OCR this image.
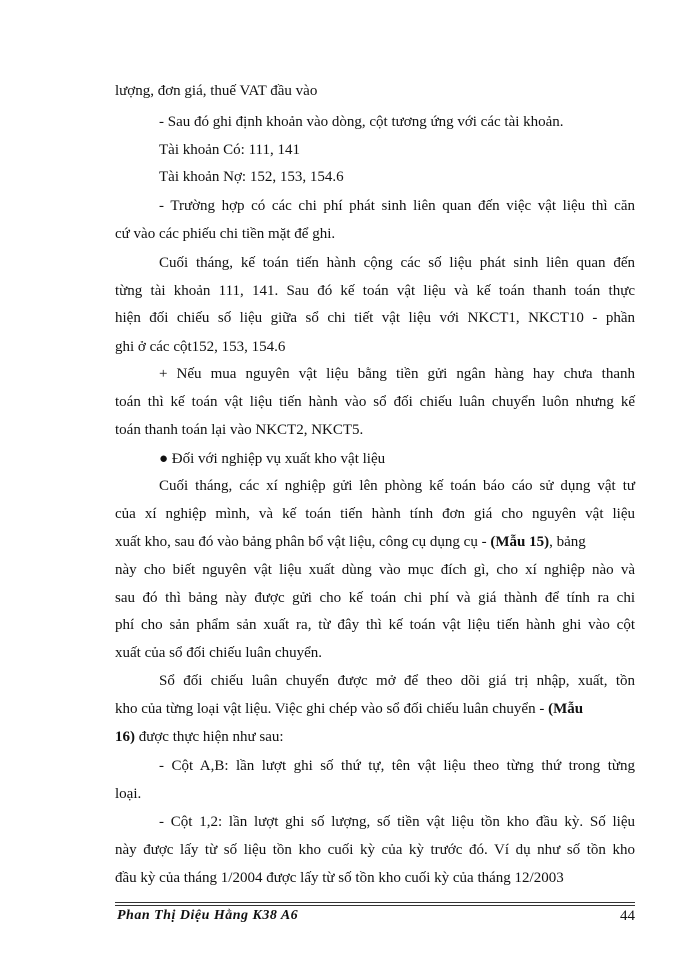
lượng, đơn giá, thuế VAT đầu vào
- Sau đó ghi định khoản vào dòng, cột tương ứng với các tài khoản.
Tài khoản Có: 111, 141
Tài khoản Nợ: 152, 153, 154.6
- Trường hợp có các chi phí phát sinh liên quan đến việc vật liệu thì căn
cứ vào các phiếu chi tiền mặt để ghi.
Cuối tháng, kế toán tiến hành cộng các số liệu phát sinh liên quan đến
từng tài khoản 111, 141. Sau đó kế toán vật liệu và kế toán thanh toán thực
hiện đối chiếu số liệu giữa sổ chi tiết vật liệu với NKCT1, NKCT10 - phần
ghi ở các cột152, 153, 154.6
+ Nếu mua nguyên vật liệu bằng tiền gửi ngân hàng hay chưa thanh
toán thì kế toán vật liệu tiến hành vào sổ đối chiếu luân chuyển luôn nhưng kế
toán thanh toán lại vào NKCT2, NKCT5.
● Đối với nghiệp vụ xuất kho vật liệu
Cuối tháng, các xí nghiệp gửi lên phòng kế toán báo cáo sử dụng vật tư
của xí nghiệp mình, và kế toán tiến hành tính đơn giá cho nguyên vật liệu
xuất kho, sau đó vào bảng phân bổ vật liệu, công cụ dụng cụ - (Mẫu 15), bảng
này cho biết nguyên vật liệu xuất dùng vào mục đích gì, cho xí nghiệp nào và
sau đó thì bảng này được gửi cho kế toán chi phí và giá thành để tính ra chi
phí cho sản phẩm sản xuất ra, từ đây thì kế toán vật liệu tiến hành ghi vào cột
xuất của sổ đối chiếu luân chuyển.
Sổ đối chiếu luân chuyển được mở để theo dõi giá trị nhập, xuất, tồn
kho của từng loại vật liệu. Việc ghi chép vào sổ đối chiếu luân chuyển - (Mẫu
16) được thực hiện như sau:
- Cột A,B: lần lượt ghi số thứ tự, tên vật liệu theo từng thứ trong từng
loại.
- Cột 1,2: lần lượt ghi số lượng, số tiền vật liệu tồn kho đầu kỳ. Số liệu
này được lấy từ số liệu tồn kho cuối kỳ của kỳ trước đó. Ví dụ như số tồn kho
đầu kỳ của tháng 1/2004 được lấy từ số tồn kho cuối kỳ của tháng 12/2003
Phan Thị Diệu Hằng K38 A6	44
